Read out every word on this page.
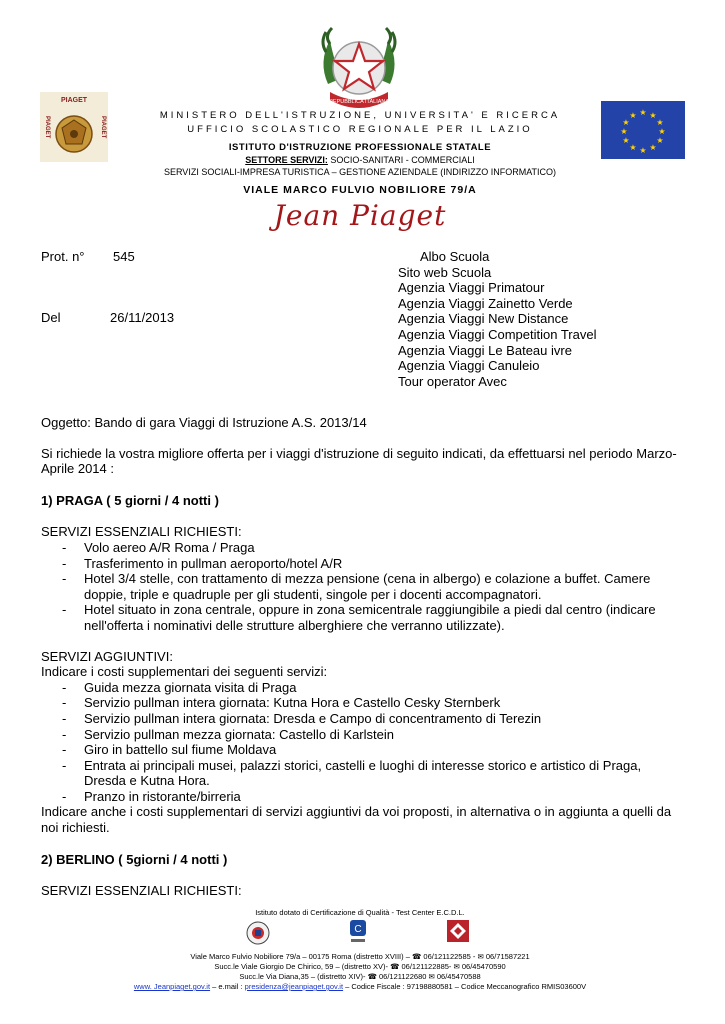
REPUBBLICA ITALIANA
PIAGET
PIAGET	PIAGET
★ ★
★
★
★
★
★
★
★
★
★
★
MINISTERO DELL'ISTRUZIONE, UNIVERSITA' E RICERCA
UFFICIO SCOLASTICO REGIONALE PER IL LAZIO
ISTITUTO D'ISTRUZIONE PROFESSIONALE STATALE
SETTORE SERVIZI: SOCIO-SANITARI - COMMERCIALI
SERVIZI SOCIALI-IMPRESA TURISTICA – GESTIONE AZIENDALE (INDIRIZZO INFORMATICO)
VIALE MARCO FULVIO NOBILIORE 79/A
Jean Piaget
Prot. n° 545
Del	26/11/2013
Albo Scuola
Sito web Scuola
Agenzia Viaggi Primatour
Agenzia Viaggi Zainetto Verde
Agenzia Viaggi New Distance
Agenzia Viaggi Competition Travel
Agenzia Viaggi Le Bateau ivre
Agenzia Viaggi Canuleio
Tour operator Avec

Oggetto: Bando di gara Viaggi di Istruzione A.S. 2013/14

Si richiede la vostra migliore offerta per i viaggi d'istruzione di seguito indicati, da effettuarsi nel periodo Marzo- Aprile 2014 :

1) PRAGA ( 5 giorni / 4 notti )

SERVIZI ESSENZIALI RICHIESTI:

- Volo aereo A/R Roma / Praga
- Trasferimento in pullman aeroporto/hotel A/R
- Hotel 3/4 stelle, con trattamento di mezza pensione (cena in albergo) e colazione a buffet. Camere doppie, triple e quadruple per gli studenti, singole per i docenti accompagnatori.
- Hotel situato in zona centrale, oppure in zona semicentrale raggiungibile a piedi dal centro (indicare nell'offerta i nominativi delle strutture alberghiere che verranno utilizzate).

SERVIZI AGGIUNTIVI:

Indicare i costi supplementari dei seguenti servizi:

- Guida mezza giornata visita di Praga
- Servizio pullman intera giornata: Kutna Hora e Castello Cesky Sternberk
- Servizio pullman intera giornata: Dresda e Campo di concentramento di Terezin
- Servizio pullman mezza giornata: Castello di Karlstein
- Giro in battello sul fiume Moldava
- Entrata ai principali musei, palazzi storici, castelli e luoghi di interesse storico e artistico di Praga, Dresda e Kutna Hora.
- Pranzo in ristorante/birreria

Indicare anche i costi supplementari di servizi aggiuntivi da voi proposti, in alternativa o in aggiunta a quelli da noi richiesti.

2) BERLINO ( 5giorni / 4 notti )

SERVIZI ESSENZIALI RICHIESTI:

Istituto dotato di Certificazione di Qualità - Test Center E.C.D.L.
C
Viale Marco Fulvio Nobiliore 79/a – 00175 Roma (distretto XVIII) – ☎ 06/121122585 - ✉ 06/71587221
Succ.le Viale Giorgio De Chirico, 59 – (distretto XV)- ☎ 06/121122885- ✉ 06/45470590
Succ.le Via Diana,35 – (distretto XIV)- ☎ 06/121122680 ✉ 06/45470588
www. Jeanpiaget.gov.it – e.mail : presidenza@jeanpiaget.gov.it – Codice Fiscale : 97198880581 – Codice Meccanografico RMIS03600V
